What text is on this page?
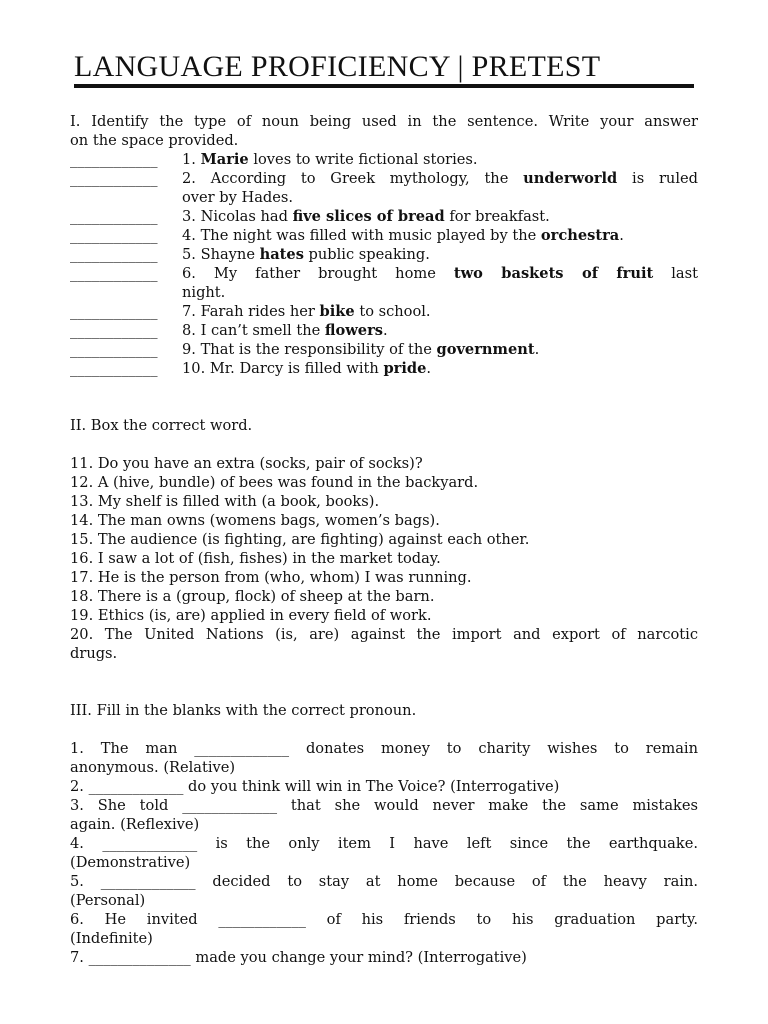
LANGUAGE PROFICIENCY | PRETEST
I. Identify the type of noun being used in the sentence. Write your answer
on the space provided.
____________	1. Marie loves to write fictional stories.
____________	2. According to Greek mythology, the underworld is ruled
over by Hades.
____________	3. Nicolas had five slices of bread for breakfast.
____________	4. The night was filled with music played by the orchestra.
____________	5. Shayne hates public speaking.
____________	6. My father brought home two baskets of fruit last
night.
____________	7. Farah rides her bike to school.
____________	8. I can’t smell the flowers.
____________	9. That is the responsibility of the government.
____________	10. Mr. Darcy is filled with pride.
II. Box the correct word.
11. Do you have an extra (socks, pair of socks)?
12. A (hive, bundle) of bees was found in the backyard.
13. My shelf is filled with (a book, books).
14. The man owns (womens bags, women’s bags).
15. The audience (is fighting, are fighting) against each other.
16. I saw a lot of (fish, fishes) in the market today.
17. He is the person from (who, whom) I was running.
18. There is a (group, flock) of sheep at the barn.
19. Ethics (is, are) applied in every field of work.
20. The United Nations (is, are) against the import and export of narcotic
drugs.
III. Fill in the blanks with the correct pronoun.
1. The man _____________ donates money to charity wishes to remain
anonymous. (Relative)
2. _____________ do you think will win in The Voice? (Interrogative)
3. She told _____________ that she would never make the same mistakes
again. (Reflexive)
4. _____________ is the only item I have left since the earthquake.
(Demonstrative)
5. _____________ decided to stay at home because of the heavy rain.
(Personal)
6. He invited ____________ of his friends to his graduation party.
(Indefinite)
7. ______________ made you change your mind? (Interrogative)
